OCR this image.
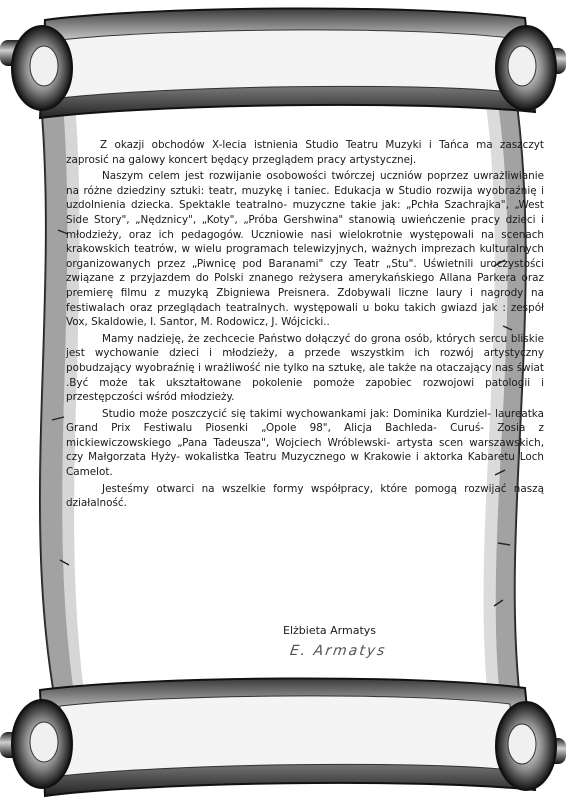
Z okazji obchodów X-lecia istnienia Studio Teatru Muzyki i Tańca ma zaszczyt zaprosić na galowy koncert będący przeglądem pracy artystycznej.

Naszym celem jest rozwijanie osobowości twórczej uczniów poprzez uwrażliwianie na różne dziedziny sztuki: teatr, muzykę i taniec. Edukacja w Studio rozwija wyobraźnię i uzdolnienia dziecka. Spektakle teatralno- muzyczne takie jak: „Pchła Szachrajka", „West Side Story", „Nędznicy", „Koty", „Próba Gershwina" stanowią uwieńczenie pracy dzieci i młodzieży, oraz ich pedagogów. Uczniowie nasi wielokrotnie występowali na scenach krakowskich teatrów, w wielu programach telewizyjnych, ważnych imprezach kulturalnych organizowanych przez „Piwnicę pod Baranami" czy Teatr „Stu". Uświetnili uroczystości związane z przyjazdem do Polski znanego reżysera amerykańskiego Allana Parkera oraz premierę filmu z muzyką Zbigniewa Preisnera. Zdobywali liczne laury i nagrody na festiwalach oraz przeglądach teatralnych. występowali u boku takich gwiazd jak : zespół Vox, Skaldowie, I. Santor, M. Rodowicz, J. Wójcicki..

Mamy nadzieję, że zechcecie Państwo dołączyć do grona osób, których sercu bliskie jest wychowanie dzieci i młodzieży, a przede wszystkim ich rozwój artystyczny pobudzający wyobraźnię i wrażliwość nie tylko na sztukę, ale także na otaczający nas świat .Być może tak ukształtowane pokolenie pomoże zapobiec rozwojowi patologii i przestępczości wśród młodzieży.

Studio może poszczycić się takimi wychowankami jak: Dominika Kurdziel- laureatka Grand Prix Festiwalu Piosenki „Opole 98", Alicja Bachleda- Curuś- Zosia z mickiewiczowskiego „Pana Tadeusza", Wojciech Wróblewski- artysta scen warszawskich, czy Małgorzata Hyży- wokalistka Teatru Muzycznego w Krakowie i aktorka Kabaretu Loch Camelot.

Jesteśmy otwarci na wszelkie formy współpracy, które pomogą rozwijać naszą działalność.

Elżbieta Armatys
E. Armatys
